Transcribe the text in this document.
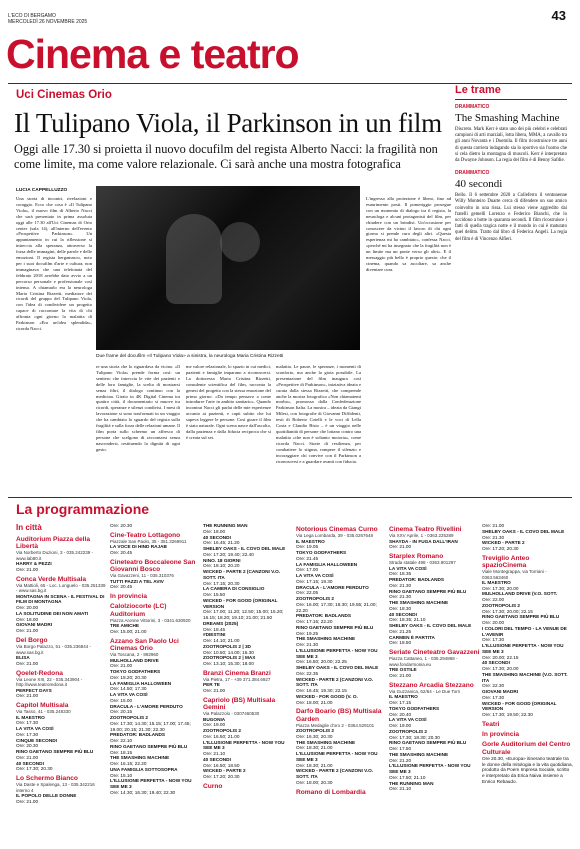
L'ECO DI BERGAMO
MERCOLEDÌ 26 NOVEMBRE 2025	43
Cinema e teatro
Uci Cinemas Orio
Il Tulipano Viola, il Parkinson in un film
Oggi alle 17.30 si proietta il nuovo docufilm del regista Alberto Nacci: la fragilità non come limite, ma come valore relazionale. Ci sarà anche una mostra fotografica
LUCIA CAPPELLUZZO
Una storia di incontri, rivelazioni e coraggio. Ecco che cosa è «Il Tulipano Viola», il nuovo film di Alberto Nacci che sarà presentato in prima assoluta oggi alle 17.30 all'Uci Cinemas di Orio center (sala 14), all'interno dell'evento «Prospettive Parkinson». Un appuntamento in cui la riflessione si intreccia alla speranza, attraverso la forza delle immagini, delle parole e delle emozioni. Il regista bergamasco, noto per i suoi docufilm d'arte e cultura, non immaginava che una telefonata del febbraio 2018 avrebbe dato avvio a un percorso personale e professionale così intenso. A chiamarlo era la neurologa Maria Cristina Rizzetti, mediatore dei ricordi del gruppo del Tulipano Viola, con l'idea di condividere un progetto capace di raccontare la vita di chi affronta ogni giorno la malattia di Parkinson «Era un'idea splendida», ricorda Nacci.
Due frame del docufilm «Il Tulipano Viola» a sinistra, la neurologa Maria Cristina Rizzetti
re una storia che lo riguardava da vicino. «Il Tulipano Viola» prende forma così: un sentiero che intreccia le vite dei pazienti e delle loro famiglie, la scelta di mostrarsi senza filtri, il dialogo continuo con la medicina. Girato in 4K Digital Cinema tra quattro città, il documentario si muove tra ricordi, speranze e silenzi condivisi. I mesi di lavorazione si sono trasformati in un viaggio che ha cambiato lo sguardo del regista sulla fragilità e sulla forza delle relazioni umane. Il film porta sullo schermo un affresco di persone che scelgono di raccontarsi senza nascondersi, restituendo la dignità di ogni gesto.
me valore relazionale, lo spazio in cui medici, pazienti e famiglie imparano a riconoscersi. La dottoressa Maria Cristina Rizzetti, consulente scientifica del film, racconta la genesi del progetto con la stessa emozione del primo giorno: «Da tempo pensavo a come introdurre l'arte in ambito sanitario». Quando incontrai Nacci gli parlai delle mie esperienze accanto ai pazienti, e capii subito che lui sapeva leggere le persone. Così girare il film è stato naturale. Ogni scena nasce dall'ascolto, dalla pazienza e dalla fiducia reciproca che si è creata sul set.
malattia. Le paure, le speranze, i momenti di sconforto, ma anche la gioia possibile. La presentazione del film inaugura così «Prospettive di Parkinson», iniziativa ideata e curata dalla stessa Rizzetti, che comprende anche la mostra fotografica «Non chiamatemi morbo», promossa dalla Confederazione Parkinson Italia. La mostra – ideata da Giangi Milesi, con fotografie di Giovanni Diffidenti, testi di Roberto Cotelli e le voci di Lella Costa e Claudio Bisio – è un viaggio nelle quotidianità di persone che lottano contro una malattia «che non è soltanto motoria», come ricorda Nacci. Storie di resilienza, per combattere lo stigma, rompere il silenzio e incoraggiare chi convive con il Parkinson a riconoscersi e a guardare avanti con fiducia.
L'ingresso alla proiezione è libero, fino ad esaurimento posti. Il pomeriggio prosegue con un momento di dialogo tra il regista, la neurologa e alcuni protagonisti del film, per chiudere con un brindisi. Un'occasione per conoscere da vicino il lavoro di chi ogni giorno si prende cura degli altri. «Questa esperienza mi ha cambiato», confessa Nacci, «perché mi ha insegnato che la fragilità non è un limite ma un ponte verso gli altri». E il messaggio più bello è proprio questo: che il cinema, quando sa ascoltare, sa anche diventare cura.
Le trame
DRAMMATICO
The Smashing Machine
Discreto. Mark Kerr è stato uno dei più celebri e celebrati campioni di arti marziali, lotta libera, MMA, a cavallo tra gli anni Novanta e i Duemila. Il film ricostruisce tre anni di questa carriera indagando sia lo sportivo sia l'uomo che si cela dietro la montagna di muscoli. Kerr è interpretato da Dwayne Johnson. La regia del film è di Benny Safdie.
DRAMMATICO
40 secondi
Bello. Il 6 settembre 2020 a Colleferro il ventunenne Willy Monteiro Duarte cerca di difendere un suo amico coinvolto in una rissa. Lui stesso viene aggredito dai fratelli gemelli Lorenzo e Federico Bianchi, che lo uccidono a botte in quaranta secondi. Il film ricostruisce i fatti di quella tragica notte e il mondo in cui è maturato quel delitto. Tratto dal libro di Federica Angeli. La regia del film è di Vincenzo Alfieri.
La programmazione
In città
Auditorium Piazza della Libertà
Via Norberto Duzioni, 3 - 035.242239 - www.lab80.it
HARRY & PEZZI
Ore: 21.00
Conca Verde Multisala
Via Mattioli, 65 - Loc. Longuelo - 035.251339 - www.sas.bg.it
MONTAGNA IN SCENA - IL FESTIVAL DI FILM DI MONTAGNA
Ore: 20.00
LA SOLITUDINE DEI NON AMATI
Ore: 18.00
GIOVANI MADRI
Ore: 21.00
Del Borgo
Via Borgo Palazzo, 51 - 035.236844 - www.sas.bg.it
ELISA
Ore: 21.00
Qoelet-Redona
Via Leone XIII, 22 - 035.343904 - http://www.teatroredona.it
PERFECT DAYS
Ore: 21.00
Capitol Multisala
Via Tasso, 41 - 035.248330
IL MAESTRO
Ore: 17.30
LA VITA VA COSÌ
Ore: 17.30
CINQUE SECONDI
Ore: 20.30
RINO GAETANO SEMPRE PIÙ BLU
Ore: 21.00
40 SECONDI
Ore: 17.30; 20.30
Lo Schermo Bianco
Via Daste e Spalenga, 13 - 035.342216 interno 4
IL POPOLO DELLE DONNE
Ore: 21.00
Ore: 20.30
Cine-Teatro Lottagono
Piazzale San Paolo, 35 - 351.3269911
LA VOCE DI HIND RAJAB
Ore: 20.45
Cineteatro Boccaleone San Giovanni Bosco
Via Gavazzeni, 11 - 035.310376
TUTTI PAZZI A TEL AVIV
Ore: 20.45
In provincia
Calolziocorte (LC) Auditorium
Piazza Aronne Vittorini, 3 - 0341.630920
TRE AMICHE
Ore: 15.00; 21.00
Azzano San Paolo Uci Cinemas Orio
Via Toscana, 2 - 892960
MULHOLLAND DRIVE
Ore: 21.00
TOKYO GODFATHERS
Ore: 18.20; 20.30
LA FAMIGLIA HALLOWEEN
Ore: 14.50; 17.30
LA VITA VA COSÌ
Ore: 15.00
DRACULA - L'AMORE PERDUTO
Ore: 20.15
ZOOTROPOLIS 2
Ore: 17.30; 14.30; 15.15; 17.00; 17.45; 19.00; 20.15; 21.30; 22.30
PREDATOR: BADLANDS
Ore: 22.10
RINO GAETANO SEMPRE PIÙ BLU
Ore: 18.15
THE SMASHING MACHINE
Ore: 16.15; 22.20
UNA FAMIGLIA SOTTOSOPRA
Ore: 15.10
L'ILLUSIONE PERFETTA - NOW YOU SEE ME 3
Ore: 14.30; 16.30; 19.40; 22.30
THE RUNNING MAN
Ore: 18.00
40 SECONDI
Ore: 16.45; 21.20
SHELBY OAKS - IL COVO DEL MALE
Ore: 17.20; 19.40; 22.40
NINO. 18 GIORNI
Ore: 18.10; 20.20
WICKED - PARTE 2 (CANZONI V.O. SOTT. ITA
Ore: 17.15; 20.30
LA CAMERA DI CONSIGLIO
Ore: 15.50
WICKED - FOR GOOD (ORIGINAL VERSION
Ore: 17.00; 11.20; 12.50; 15.00; 15.20; 16.15; 18.20; 19.10; 21.00; 21.50
DREAMS (2025)
Ore: 18.45
#DIESTINI
Ore: 14.10; 21.00
ZOOTROPOLIS 2 | 3D
Ore: 10.50; 14.00; 16.30
ZOOTROPOLIS 2 | MAX
Ore: 13.10; 15.30; 18.00
Branzi Cinema Branzi
Via Pietra, 17 - +39 371.384.6927
PER TE
Ore: 21.00
Capriolo (BS) Multisala Gemini
Via Palazzolo - 0307460530
BUGONIA
Ore: 19.00
ZOOTROPOLIS 2
Ore: 16.50; 21.00
L'ILLUSIONE PERFETTA - NOW YOU SEE ME 3
Ore: 21.10
40 SECONDI
Ore: 16.50; 18.50
WICKED - PARTE 2
Ore: 17.20; 20.30
Curno
Notorious Cinemas Curno
Via Lega Lombarda, 39 - 035.0267648
IL MAESTRO
Ore: 19.05
TOKYO GODFATHERS
Ore: 21.45
LA FAMIGLIA HALLOWEEN
Ore: 17.00
LA VITA VA COSÌ
Ore: 17.15; 19.30
DRACULA - L'AMORE PERDUTO
Ore: 22.05
ZOOTROPOLIS 2
Ore: 16.00; 17.30; 18.30; 19.55; 21.00; 22.20
PREDATOR: BADLANDS
Ore: 17.15; 22.20
RINO GAETANO SEMPRE PIÙ BLU
Ore: 19.25
THE SMASHING MACHINE
Ore: 21.30
L'ILLUSIONE PERFETTA - NOW YOU SEE ME 3
Ore: 16.50; 20.00; 22.25
SHELBY OAKS - IL COVO DEL MALE
Ore: 22.35
WICKED - PARTE 2 (CANZONI V.O. SOTT. ITA
Ore: 16.45; 19.30; 22.15
WICKED - FOR GOOD (V. O.
Ore: 18.00; 21.00
Darfo Boario (BS) Multisala Garden
Piazza Medaglie d'oro 2 - 0364.529101
ZOOTROPOLIS 2
Ore: 16.30; 20.30
THE SMASHING MACHINE
Ore: 18.30; 21.00
L'ILLUSIONE PERFETTA - NOW YOU SEE ME 3
Ore: 18.30; 21.00
WICKED - PARTE 2 (CANZONI V.O. SOTT. ITA
Ore: 18.00; 20.30
Romano di Lombardia
Cinema Teatro Rivellini
Via XXV Aprile, 1 - 0363.225289
SHAYDA - IN FUGA DALL'IRAN
Ore: 21.00
Starplex Romano
Strada statale 498 - 0363.901297
LA VITA VA COSÌ
Ore: 18.35
PREDATOR: BADLANDS
Ore: 21.30
RINO GAETANO SEMPRE PIÙ BLU
Ore: 21.30
THE SMASHING MACHINE
Ore: 18.30
40 SECONDI
Ore: 18.35; 21.10
SHELBY OAKS - IL COVO DEL MALE
Ore: 21.25
CARMEN È PARTITA
Ore: 18.50
Seriate Cineteatro Gavazzeni
Piazza Cattaneo, 1 - 035.294868 - www.fondarmonia.eu
TRE OSTILE
Ore: 21.00
Stezzano Arcadia Stezzano
Via Guzzanica, 62/64 - Le Due Torri
IL MAESTRO
Ore: 17.15
TOKYO GODFATHERS
Ore: 20.40
LA VITA VA COSÌ
Ore: 19.00
ZOOTROPOLIS 2
Ore: 17.30; 18.30; 20.30
RINO GAETANO SEMPRE PIÙ BLU
Ore: 17.50
THE SMASHING MACHINE
Ore: 21.20
L'ILLUSIONE PERFETTA - NOW YOU SEE ME 3
Ore: 17.50; 21.10
THE RUNNING MAN
Ore: 21.10
Ore: 21.00
SHELBY OAKS - IL COVO DEL MALE
Ore: 21.30
WICKED - PARTE 2
Ore: 17.20; 20.30
Treviglio Anteo spazioCinema
Viale Montegrappa, via Torriani - 0363.563460
IL MAESTRO
Ore: 17.30; 20.00
MULHOLLAND DRIVE (V.O. SOTT.
Ore: 22.00
ZOOTROPOLIS 2
Ore: 17.30; 20.00; 22.15
RINO GAETANO SEMPRE PIÙ BLU
Ore: 20.00
I COLORI DEL TEMPO - LA VENUE DE L'AVENIR
Ore: 17.30
L'ILLUSIONE PERFETTA - NOW YOU SEE ME 3
Ore: 20.00; 22.15
40 SECONDI
Ore: 17.30; 20.00
THE SMASHING MACHINE (V.O. SOTT. ITA
Ore: 22.30
GIOVANI MADRI
Ore: 17.30
WICKED - FOR GOOD (ORIGINAL VERSION
Ore: 17.30; 19.50; 22.30
Teatri
In provincia
Gorle Auditorium del Centro Culturale
Ore 20.30, «Europa» itinerario teatrale tra le donne della mitologia e la vita quotidiana, prodotto da Poem Impresa Sociale, scritto e interpretato da Erica Naiva insieme a Enrico Rebaudo.
